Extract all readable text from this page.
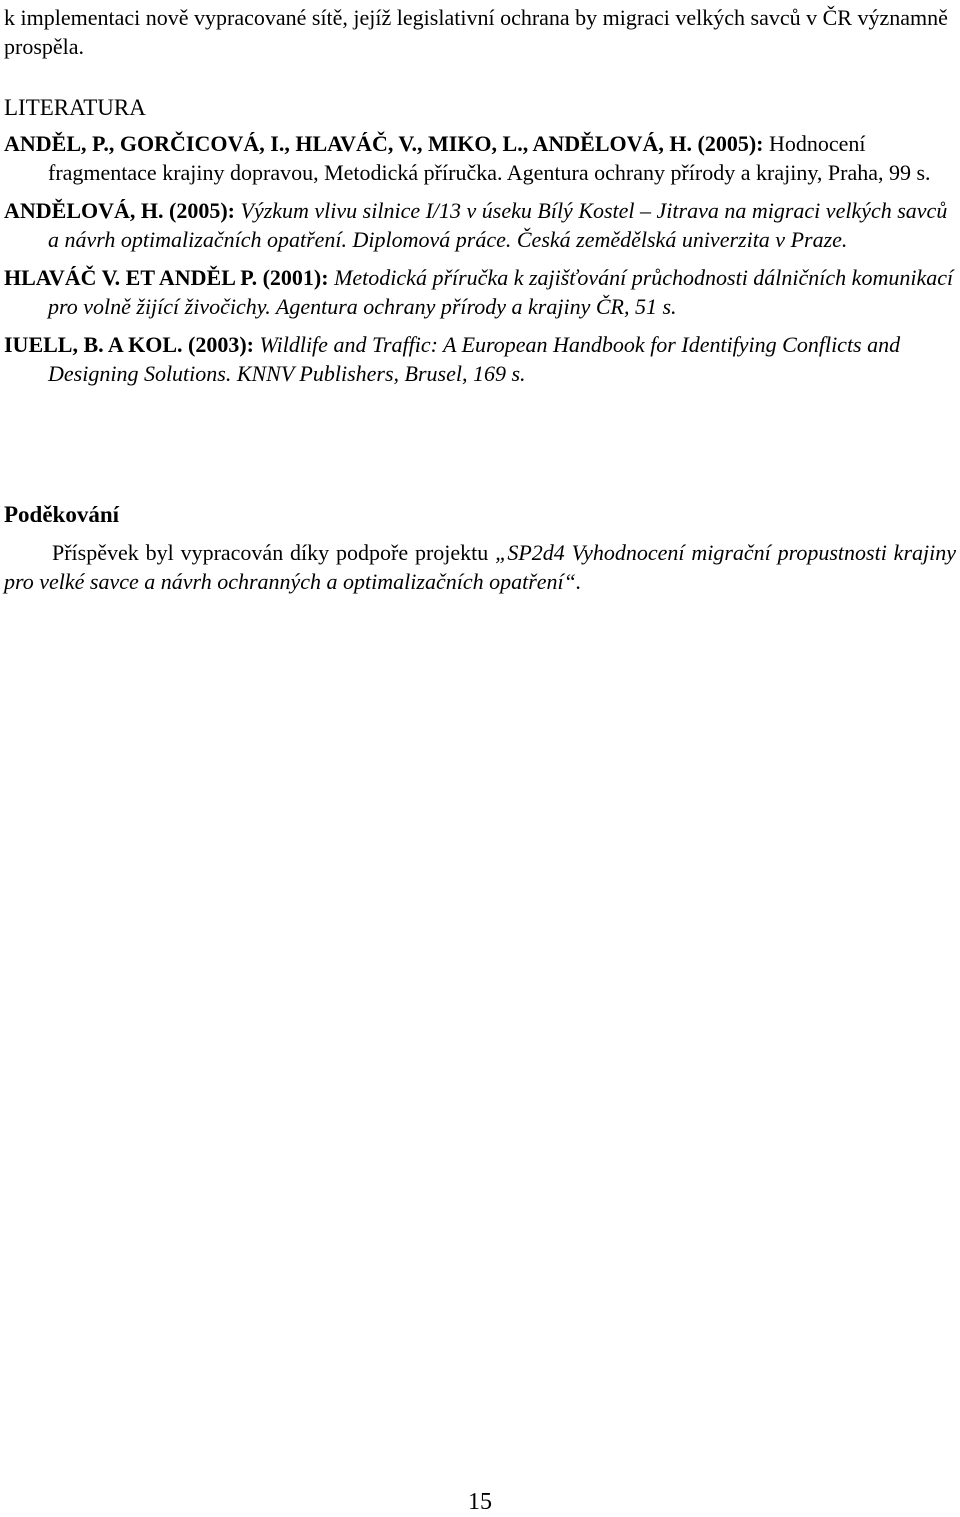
k implementaci nově vypracované sítě, jejíž legislativní ochrana by migraci velkých savců v ČR významně prospěla.

LITERATURA

ANDĚL, P., GORČICOVÁ, I., HLAVÁČ, V., MIKO, L., ANDĚLOVÁ, H. (2005): Hodnocení fragmentace krajiny dopravou, Metodická příručka. Agentura ochrany přírody a krajiny, Praha, 99 s.

ANDĚLOVÁ, H. (2005): Výzkum vlivu silnice I/13 v úseku Bílý Kostel – Jitrava na migraci velkých savců a návrh optimalizačních opatření. Diplomová práce. Česká zemědělská univerzita v Praze.

HLAVÁČ V. ET ANDĚL P. (2001): Metodická příručka k zajišťování průchodnosti dálničních komunikací pro volně žijící živočichy. Agentura ochrany přírody a krajiny ČR, 51 s.

IUELL, B. A KOL. (2003): Wildlife and Traffic: A European Handbook for Identifying Conflicts and Designing Solutions. KNNV Publishers, Brusel, 169 s.

Poděkování

Příspěvek byl vypracován díky podpoře projektu „SP2d4 Vyhodnocení migrační propustnosti krajiny pro velké savce a návrh ochranných a optimalizačních opatření“.

15
